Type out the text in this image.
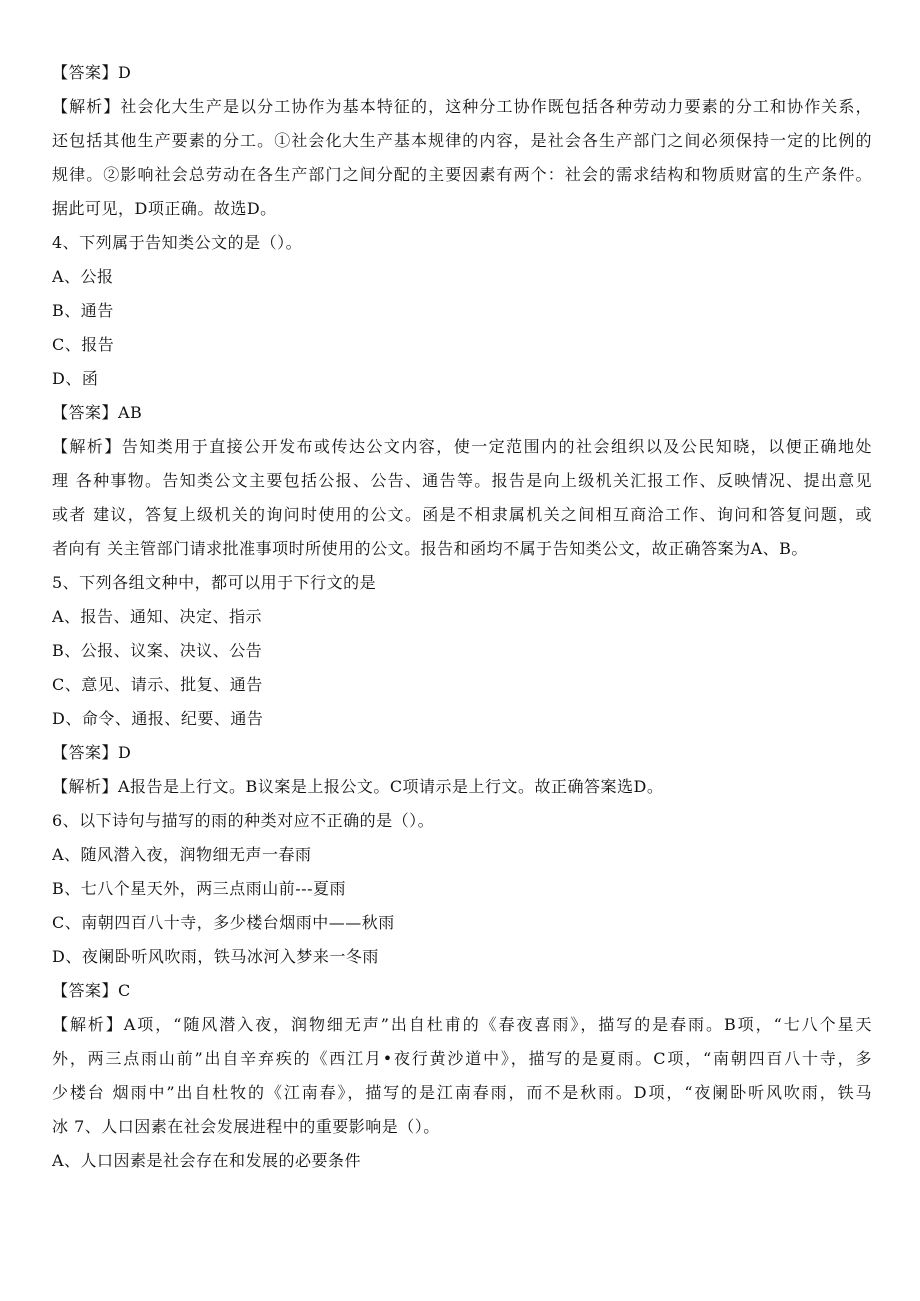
【答案】D
【解析】社会化大生产是以分工协作为基本特征的，这种分工协作既包括各种劳动力要素的分工和协作关系，
还包括其他生产要素的分工。①社会化大生产基本规律的内容，是社会各生产部门之间必须保持一定的比例的
规律。②影响社会总劳动在各生产部门之间分配的主要因素有两个：社会的需求结构和物质财富的生产条件。
据此可见，D项正确。故选D。
4、下列属于告知类公文的是（）。
A、公报
B、通告
C、报告
D、函
【答案】AB
【解析】告知类用于直接公开发布或传达公文内容，使一定范围内的社会组织以及公民知晓，以便正确地处
理 各种事物。告知类公文主要包括公报、公告、通告等。报告是向上级机关汇报工作、反映情况、提出意见
或者 建议，答复上级机关的询问时使用的公文。函是不相隶属机关之间相互商洽工作、询问和答复问题，或
者向有 关主管部门请求批准事项时所使用的公文。报告和函均不属于告知类公文，故正确答案为A、B。
5、下列各组文种中，都可以用于下行文的是
A、报告、通知、决定、指示
B、公报、议案、决议、公告
C、意见、请示、批复、通告
D、命令、通报、纪要、通告
【答案】D
【解析】A报告是上行文。B议案是上报公文。C项请示是上行文。故正确答案选D。
6、以下诗句与描写的雨的种类对应不正确的是（）。
A、随风潜入夜，润物细无声一春雨
B、七八个星天外，两三点雨山前---夏雨
C、南朝四百八十寺，多少楼台烟雨中——秋雨
D、夜阑卧听风吹雨，铁马冰河入梦来一冬雨
【答案】C
【解析】A项，“随风潜入夜，润物细无声”出自杜甫的《春夜喜雨》，描写的是春雨。B项，“七八个星天
外，两三点雨山前”出自辛弃疾的《西江月•夜行黄沙道中》，描写的是夏雨。C项，“南朝四百八十寺，多
少楼台 烟雨中”出自杜牧的《江南春》，描写的是江南春雨，而不是秋雨。D项，“夜阑卧听风吹雨，铁马
冰 7、人口因素在社会发展进程中的重要影响是（）。
A、人口因素是社会存在和发展的必要条件
